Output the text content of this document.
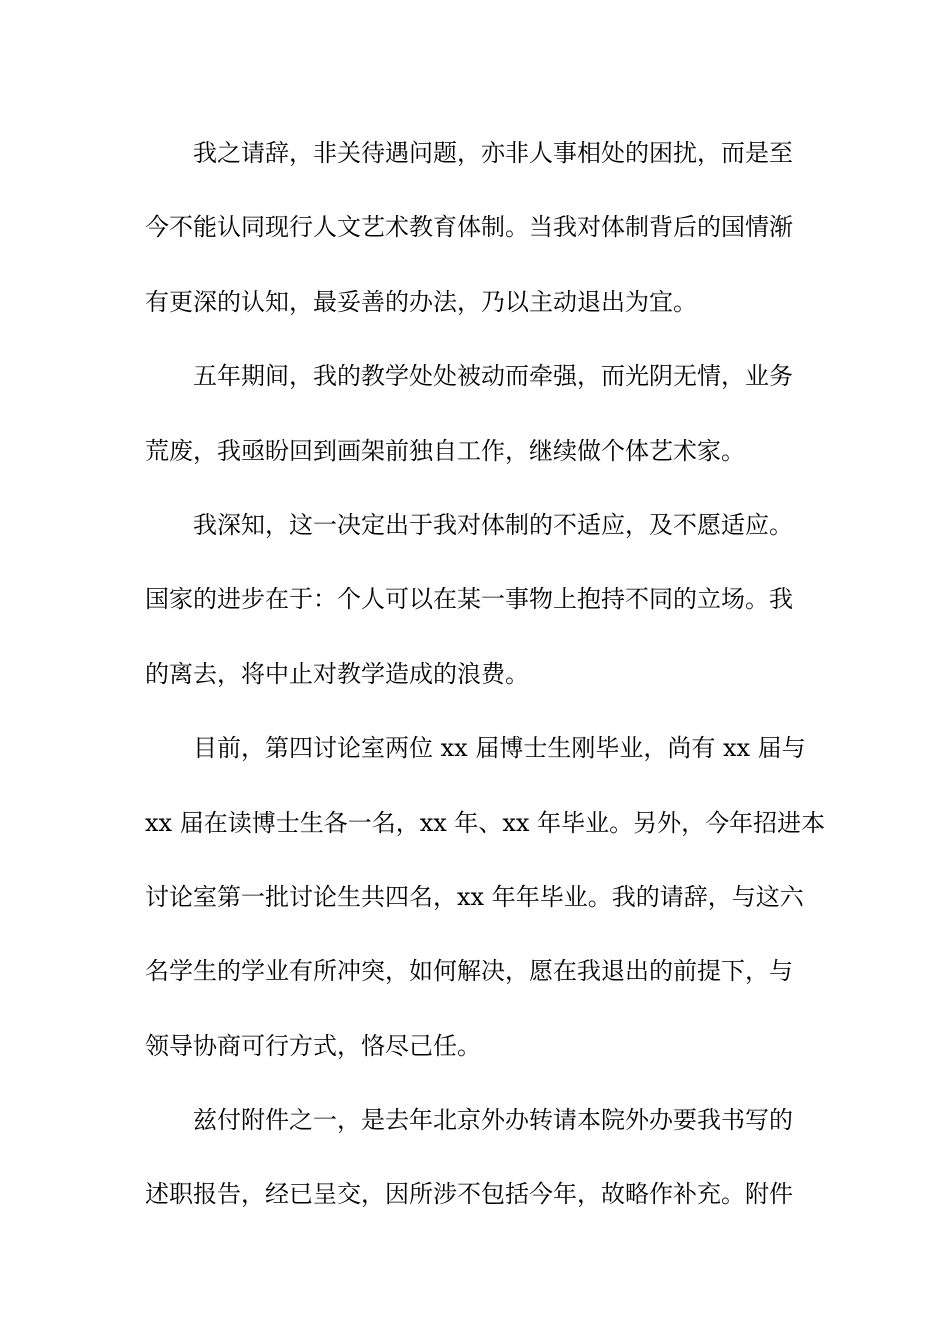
我之请辞，非关待遇问题，亦非人事相处的困扰，而是至
今不能认同现行人文艺术教育体制。当我对体制背后的国情渐
有更深的认知，最妥善的办法，乃以主动退出为宜。
五年期间，我的教学处处被动而牵强，而光阴无情，业务
荒废，我亟盼回到画架前独自工作，继续做个体艺术家。
我深知，这一决定出于我对体制的不适应，及不愿适应。
国家的进步在于：个人可以在某一事物上抱持不同的立场。我
的离去，将中止对教学造成的浪费。
目前，第四讨论室两位 xx 届博士生刚毕业，尚有 xx 届与
xx 届在读博士生各一名，xx 年、xx 年毕业。另外，今年招进本
讨论室第一批讨论生共四名，xx 年年毕业。我的请辞，与这六
名学生的学业有所冲突，如何解决，愿在我退出的前提下，与
领导协商可行方式，恪尽己任。
兹付附件之一，是去年北京外办转请本院外办要我书写的
述职报告，经已呈交，因所涉不包括今年，故略作补充。附件
